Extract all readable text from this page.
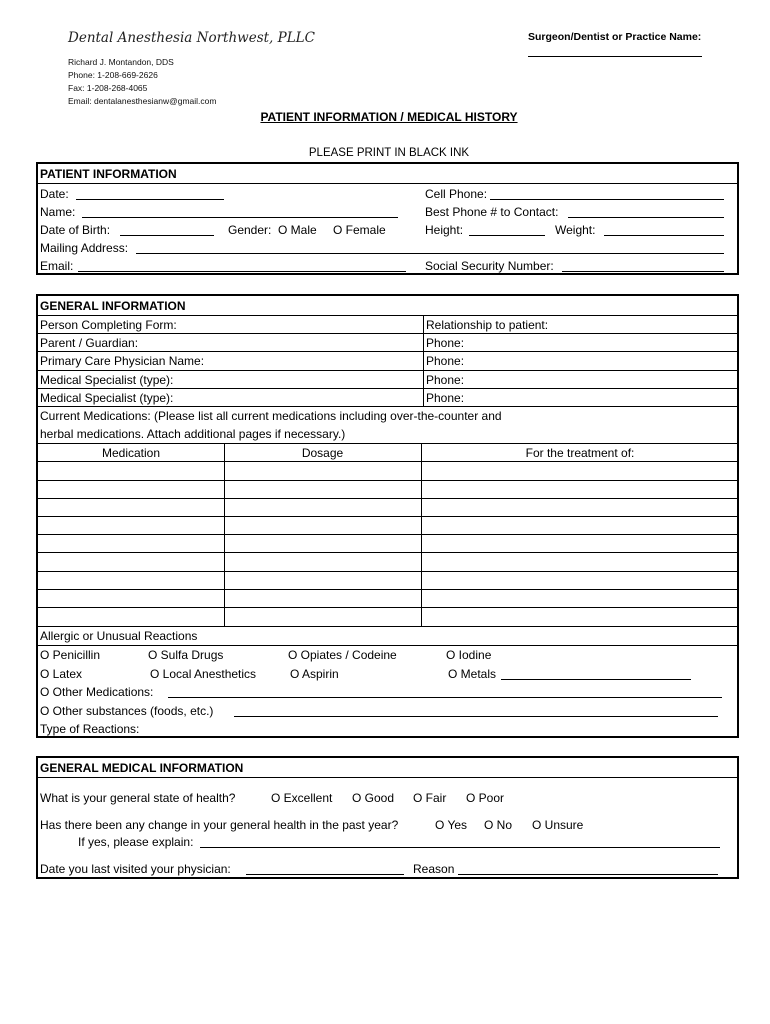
Dental Anesthesia Northwest, PLLC
Richard J. Montandon, DDS
Phone: 1-208-669-2626
Fax: 1-208-268-4065
Email: dentalanesthesianw@gmail.com
Surgeon/Dentist or Practice Name:
PATIENT INFORMATION / MEDICAL HISTORY
PLEASE PRINT IN BLACK INK
PATIENT INFORMATION
Date:	Cell Phone:
Name:	Best Phone # to Contact:
Date of Birth:	Gender: O Male O Female	Height:	Weight:
Mailing Address:
Email:	Social Security Number:
GENERAL INFORMATION
Person Completing Form:	Relationship to patient:
Parent / Guardian:	Phone:
Primary Care Physician Name:	Phone:
Medical Specialist (type):	Phone:
Medical Specialist (type):	Phone:
Current Medications: (Please list all current medications including over-the-counter and
herbal medications. Attach additional pages if necessary.)
Medication	Dosage	For the treatment of:
Allergic or Unusual Reactions
O Penicillin	O Sulfa Drugs	O Opiates / Codeine	O Iodine
O Latex	O Local Anesthetics	O Aspirin	O Metals
O Other Medications:
O Other substances (foods, etc.)
Type of Reactions:
GENERAL MEDICAL INFORMATION
What is your general state of health?	O Excellent O Good O Fair O Poor
Has there been any change in your general health in the past year?	O Yes O No O Unsure
If yes, please explain:
Date you last visited your physician:	Reason
